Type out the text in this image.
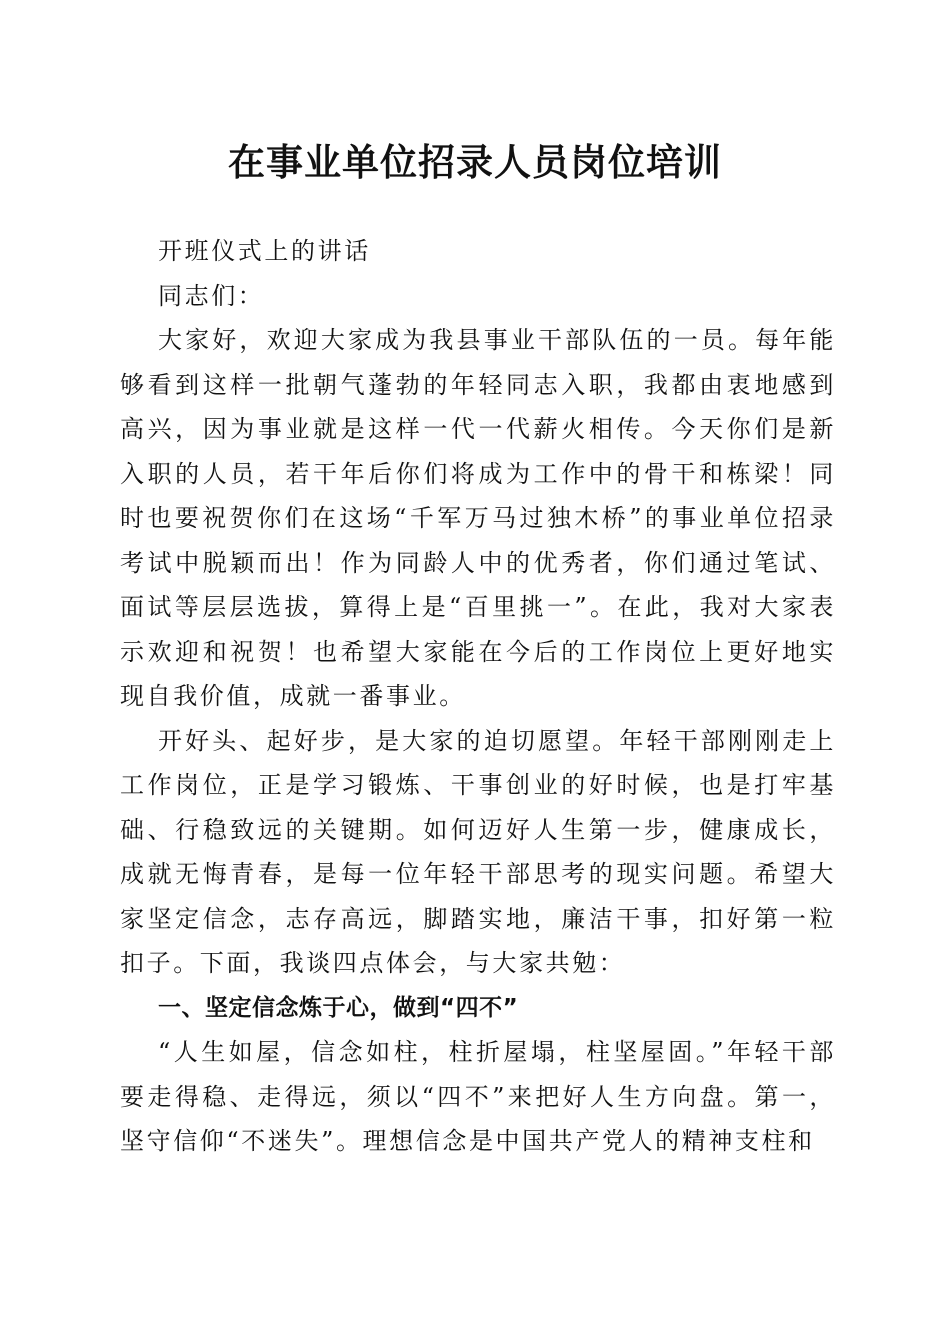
在事业单位招录人员岗位培训

开班仪式上的讲话

同志们：

大家好，欢迎大家成为我县事业干部队伍的一员。每年能够看到这样一批朝气蓬勃的年轻同志入职，我都由衷地感到高兴，因为事业就是这样一代一代薪火相传。今天你们是新入职的人员，若干年后你们将成为工作中的骨干和栋梁！同时也要祝贺你们在这场“千军万马过独木桥”的事业单位招录考试中脱颖而出！作为同龄人中的优秀者，你们通过笔试、面试等层层选拔，算得上是“百里挑一”。在此，我对大家表示欢迎和祝贺！也希望大家能在今后的工作岗位上更好地实现自我价值，成就一番事业。

开好头、起好步，是大家的迫切愿望。年轻干部刚刚走上工作岗位，正是学习锻炼、干事创业的好时候，也是打牢基础、行稳致远的关键期。如何迈好人生第一步，健康成长，成就无悔青春，是每一位年轻干部思考的现实问题。希望大家坚定信念，志存高远，脚踏实地，廉洁干事，扣好第一粒扣子。下面，我谈四点体会，与大家共勉：

一、坚定信念炼于心，做到“四不”

“人生如屋，信念如柱，柱折屋塌，柱坚屋固。”年轻干部要走得稳、走得远，须以“四不”来把好人生方向盘。第一，坚守信仰“不迷失”。理想信念是中国共产党人的精神支柱和
